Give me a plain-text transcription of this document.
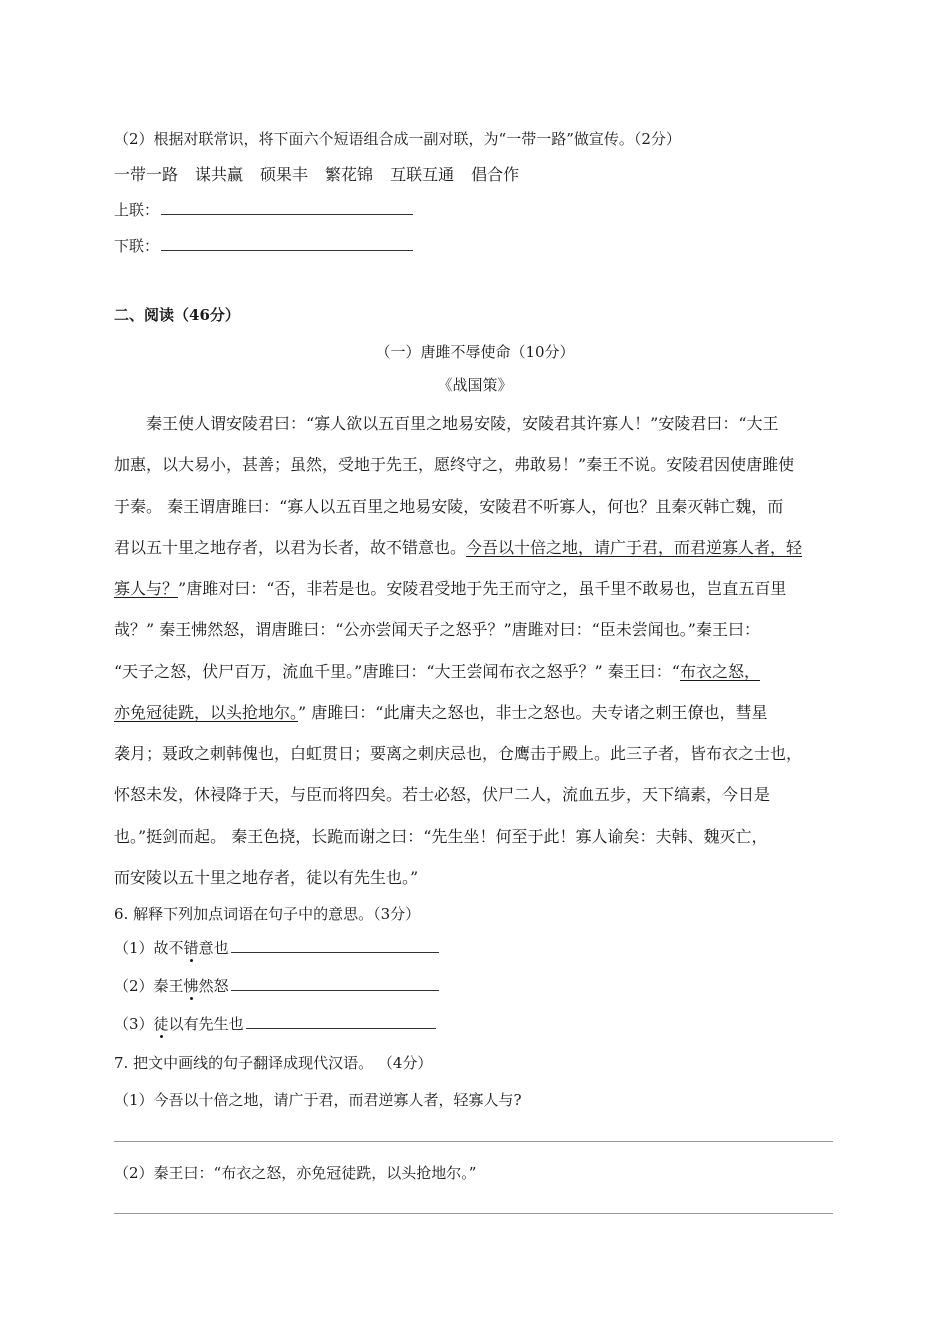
（2）根据对联常识，将下面六个短语组合成一副对联，为“一带一路”做宣传。（2分）
一带一路 谋共赢 硕果丰 繁花锦 互联互通 倡合作
上联：
下联：
二、阅读（46分）
（一）唐雎不辱使命（10分）
《战国策》
秦王使人谓安陵君曰：“寡人欲以五百里之地易安陵，安陵君其许寡人！”安陵君曰：“大王
加惠，以大易小，甚善；虽然，受地于先王，愿终守之，弗敢易！”秦王不说。安陵君因使唐雎使
于秦。 秦王谓唐雎曰：“寡人以五百里之地易安陵，安陵君不听寡人，何也？且秦灭韩亡魏，而
君以五十里之地存者，以君为长者，故不错意也。今吾以十倍之地，请广于君，而君逆寡人者，轻
寡人与？”唐雎对曰：“否，非若是也。安陵君受地于先王而守之，虽千里不敢易也，岂直五百里
哉？” 秦王怫然怒，谓唐雎曰：“公亦尝闻天子之怒乎？”唐雎对曰：“臣未尝闻也。”秦王曰：
“天子之怒，伏尸百万，流血千里。”唐雎曰：“大王尝闻布衣之怒乎？” 秦王曰：“布衣之怒，
亦免冠徒跣，以头抢地尔。” 唐雎曰：“此庸夫之怒也，非士之怒也。夫专诸之刺王僚也，彗星
袭月；聂政之刺韩傀也，白虹贯日；要离之刺庆忌也，仓鹰击于殿上。此三子者，皆布衣之士也，
怀怒未发，休祲降于天，与臣而将四矣。若士必怒，伏尸二人，流血五步，天下缟素，今日是
也。”挺剑而起。 秦王色挠，长跪而谢之曰：“先生坐！何至于此！寡人谕矣：夫韩、魏灭亡，
而安陵以五十里之地存者，徒以有先生也。”
6. 解释下列加点词语在句子中的意思。（3分）
（1）故不错意也
（2）秦王怫然怒
（3）徒以有先生也
7. 把文中画线的句子翻译成现代汉语。 （4分）
（1）今吾以十倍之地，请广于君，而君逆寡人者，轻寡人与?
（2）秦王曰：“布衣之怒，亦免冠徒跣，以头抢地尔。”
